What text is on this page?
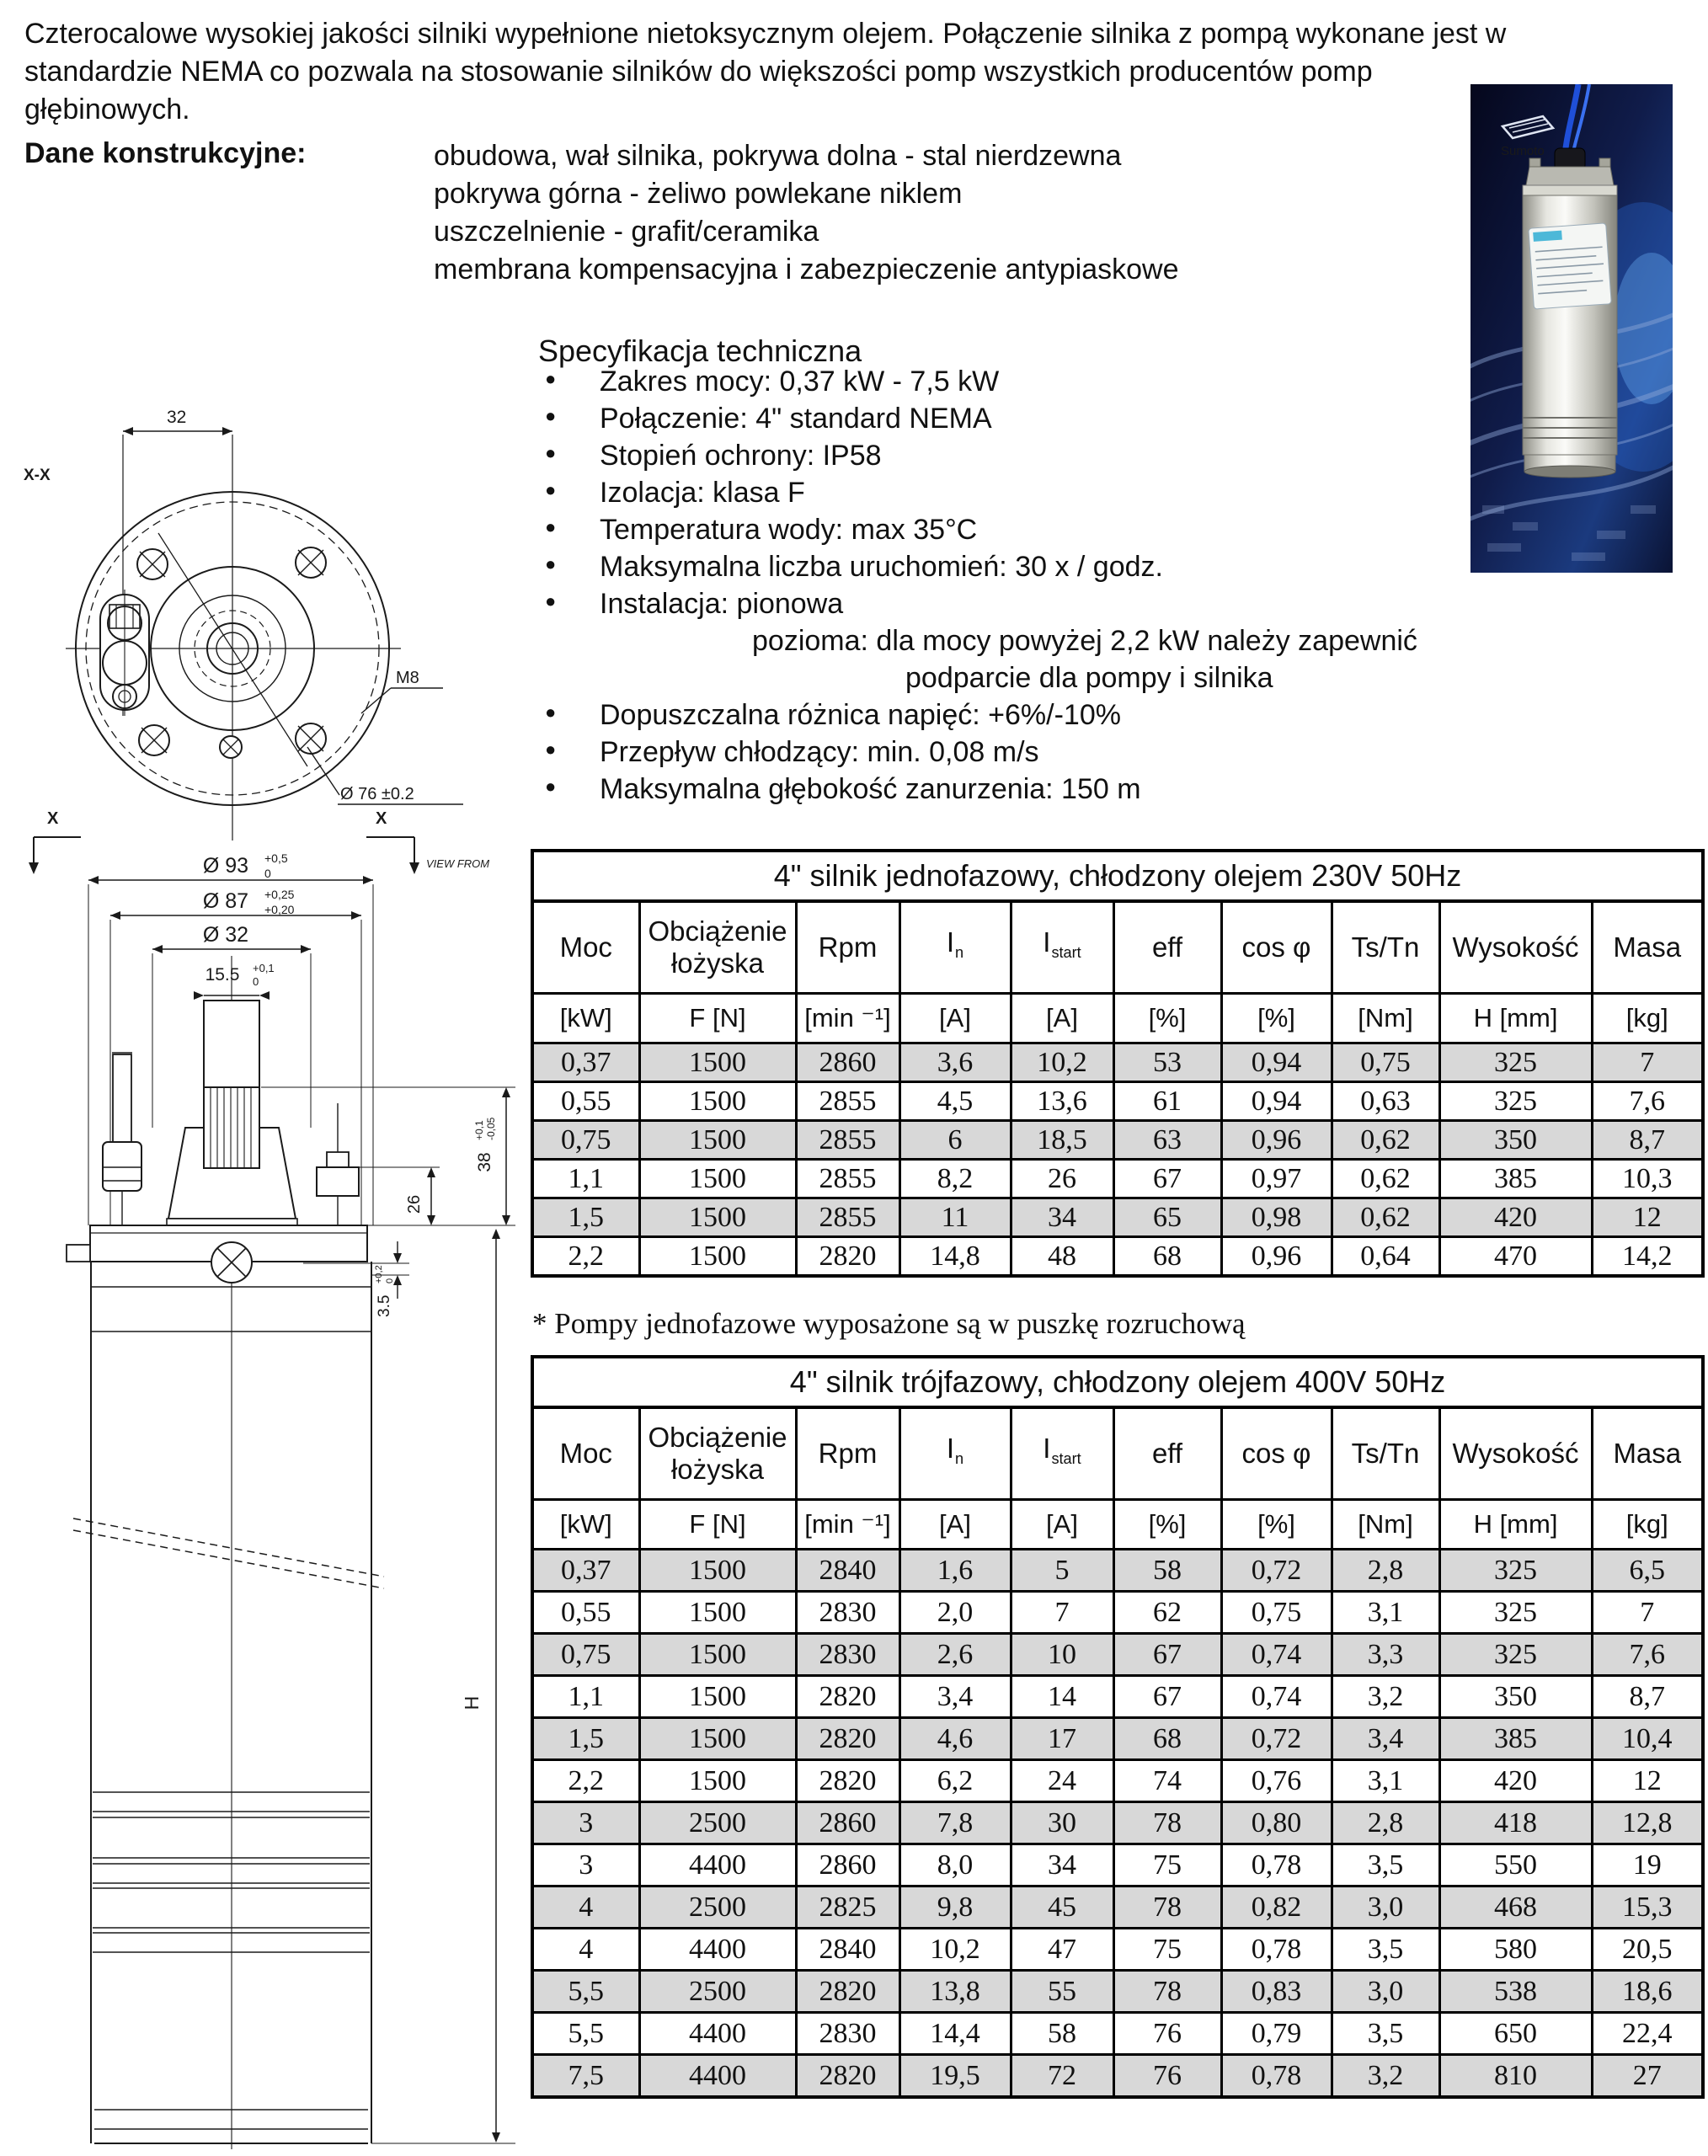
Czterocalowe wysokiej jakości silniki wypełnione nietoksycznym olejem. Połączenie silnika z pompą wykonane jest w
standardzie NEMA co pozwala na stosowanie silników do większości pomp wszystkich producentów pomp
głębinowych.
Dane konstrukcyjne:	obudowa, wał silnika, pokrywa dolna - stal nierdzewna
pokrywa górna - żeliwo powlekane niklem
uszczelnienie - grafit/ceramika
membrana kompensacyjna i zabezpieczenie antypiaskowe
Specyfikacja techniczna
● Zakres mocy: 0,37 kW - 7,5 kW
● Połączenie: 4" standard NEMA
● Stopień ochrony: IP58
● Izolacja: klasa F
● Temperatura wody: max 35°C
● Maksymalna liczba uruchomień: 30 x / godz.
● Instalacja: pionowa
pozioma: dla mocy powyżej 2,2 kW należy zapewnić
podparcie dla pompy i silnika
● Dopuszczalna różnica napięć: +6%/-10%
● Przepływ chłodzący: min. 0,08 m/s
● Maksymalna głębokość zanurzenia: 150 m
Sumoto
X-X
32
M8
Ø 76 ±0.2
X	X
VIEW FROM
Ø 93 +0,5
0
Ø 87 +0,25
+0,20
Ø 32
15.5 +0,1
0
38
+0,1 -0,05
26
3.5
+0,2 0
H
4" silnik jednofazowy, chłodzony olejem 230V 50Hz									
Moc	Obciążenie łożyska	Rpm	$I_n$	$I_{start}$	eff	cos φ	Ts/Tn	Wysokość	Masa
[kW]	F [N]	[min ⁻¹]	[A]	[A]	[%]	[%]	[Nm]	H [mm]	[kg]
0,37	1500	2860	3,6	10,2	53	0,94	0,75	325	7
0,55	1500	2855	4,5	13,6	61	0,94	0,63	325	7,6
0,75	1500	2855	6	18,5	63	0,96	0,62	350	8,7
1,1	1500	2855	8,2	26	67	0,97	0,62	385	10,3
1,5	1500	2855	11	34	65	0,98	0,62	420	12
2,2	1500	2820	14,8	48	68	0,96	0,64	470	14,2
* Pompy jednofazowe wyposażone są w puszkę rozruchową
4" silnik trójfazowy, chłodzony olejem 400V 50Hz									
Moc	Obciążenie łożyska	Rpm	$I_n$	$I_{start}$	eff	cos φ	Ts/Tn	Wysokość	Masa
[kW]	F [N]	[min ⁻¹]	[A]	[A]	[%]	[%]	[Nm]	H [mm]	[kg]
0,37	1500	2840	1,6	5	58	0,72	2,8	325	6,5
0,55	1500	2830	2,0	7	62	0,75	3,1	325	7
0,75	1500	2830	2,6	10	67	0,74	3,3	325	7,6
1,1	1500	2820	3,4	14	67	0,74	3,2	350	8,7
1,5	1500	2820	4,6	17	68	0,72	3,4	385	10,4
2,2	1500	2820	6,2	24	74	0,76	3,1	420	12
3	2500	2860	7,8	30	78	0,80	2,8	418	12,8
3	4400	2860	8,0	34	75	0,78	3,5	550	19
4	2500	2825	9,8	45	78	0,82	3,0	468	15,3
4	4400	2840	10,2	47	75	0,78	3,5	580	20,5
5,5	2500	2820	13,8	55	78	0,83	3,0	538	18,6
5,5	4400	2830	14,4	58	76	0,79	3,5	650	22,4
7,5	4400	2820	19,5	72	76	0,78	3,2	810	27
